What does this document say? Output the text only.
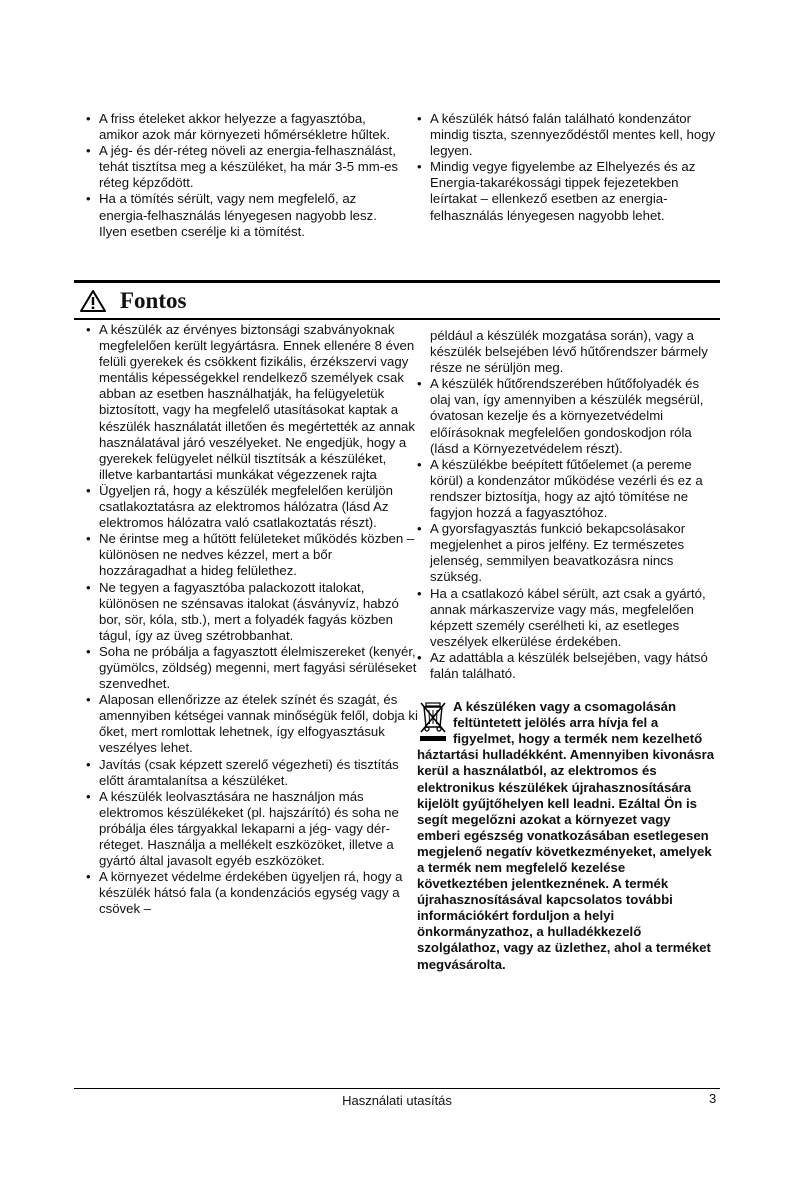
• A friss ételeket akkor helyezze a fagyasztóba, amikor azok már környezeti hőmérsékletre hűltek.
• A jég- és dér-réteg növeli az energia-felhasználást, tehát tisztítsa meg a készüléket, ha már 3-5 mm-es réteg képződött.
• Ha a tömítés sérült, vagy nem megfelelő, az energia-felhasználás lényegesen nagyobb lesz. Ilyen esetben cserélje ki a tömítést.
• A készülék hátsó falán található kondenzátor mindig tiszta, szennyeződéstől mentes kell, hogy legyen.
• Mindig vegye figyelembe az Elhelyezés és az Energia-takarékossági tippek fejezetekben leírtakat – ellenkező esetben az energia-felhasználás lényegesen nagyobb lehet.
Fontos
• A készülék az érvényes biztonsági szabványoknak megfelelően került legyártásra. Ennek ellenére 8 éven felüli gyerekek és csökkent fizikális, érzékszervi vagy mentális képességekkel rendelkező személyek csak abban az esetben használhatják, ha felügyeletük biztosított, vagy ha megfelelő utasításokat kaptak a készülék használatát illetően és megértették az annak használatával járó veszélyeket. Ne engedjük, hogy a gyerekek felügyelet nélkül tisztítsák a készüléket, illetve karbantartási munkákat végezzenek rajta
• Ügyeljen rá, hogy a készülék megfelelően kerüljön csatlakoztatásra az elektromos hálózatra (lásd Az elektromos hálózatra való csatlakoztatás részt).
• Ne érintse meg a hűtött felületeket működés közben – különösen ne nedves kézzel, mert a bőr hozzáragadhat a hideg felülethez.
• Ne tegyen a fagyasztóba palackozott italokat, különösen ne szénsavas italokat (ásványvíz, habzó bor, sör, kóla, stb.), mert a folyadék fagyás közben tágul, így az üveg szétrobbanhat.
• Soha ne próbálja a fagyasztott élelmiszereket (kenyér, gyümölcs, zöldség) megenni, mert fagyási sérüléseket szenvedhet.
• Alaposan ellenőrizze az ételek színét és szagát, és amennyiben kétségei vannak minőségük felől, dobja ki őket, mert romlottak lehetnek, így elfogyasztásuk veszélyes lehet.
• Javítás (csak képzett szerelő végezheti) és tisztítás előtt áramtalanítsa a készüléket.
• A készülék leolvasztására ne használjon más elektromos készülékeket (pl. hajszárító) és soha ne próbálja éles tárgyakkal lekaparni a jég- vagy dér-réteget. Használja a mellékelt eszközöket, illetve a gyártó által javasolt egyéb eszközöket.
• A környezet védelme érdekében ügyeljen rá, hogy a készülék hátsó fala (a kondenzációs egység vagy a csövek –
például a készülék mozgatása során), vagy a készülék belsejében lévő hűtőrendszer bármely része ne sérüljön meg.
• A készülék hűtőrendszerében hűtőfolyadék és olaj van, így amennyiben a készülék megsérül, óvatosan kezelje és a környezetvédelmi előírásoknak megfelelően gondoskodjon róla (lásd a Környezetvédelem részt).
• A készülékbe beépített fűtőelemet (a pereme körül) a kondenzátor működése vezérli és ez a rendszer biztosítja, hogy az ajtó tömítése ne fagyjon hozzá a fagyasztóhoz.
• A gyorsfagyasztás funkció bekapcsolásakor megjelenhet a piros jelfény. Ez természetes jelenség, semmilyen beavatkozásra nincs szükség.
• Ha a csatlakozó kábel sérült, azt csak a gyártó, annak márkaszervize vagy más, megfelelően képzett személy cserélheti ki, az esetleges veszélyek elkerülése érdekében.
• Az adattábla a készülék belsejében, vagy hátsó falán található.
A készüléken vagy a csomagolásán feltüntetett jelölés arra hívja fel a figyelmet, hogy a termék nem kezelhető háztartási hulladékként. Amennyiben kivonásra kerül a használatból, az elektromos és elektronikus készülékek újrahasznosítására kijelölt gyűjtőhelyen kell leadni. Ezáltal Ön is segít megelőzni azokat a környezet vagy emberi egészség vonatkozásában esetlegesen megjelenő negatív következményeket, amelyek a termék nem megfelelő kezelése következtében jelentkeznének. A termék újrahasznosításával kapcsolatos további információkért forduljon a helyi önkormányzathoz, a hulladékkezelő szolgálathoz, vagy az üzlethez, ahol a terméket megvásárolta.
Használati utasítás	3
